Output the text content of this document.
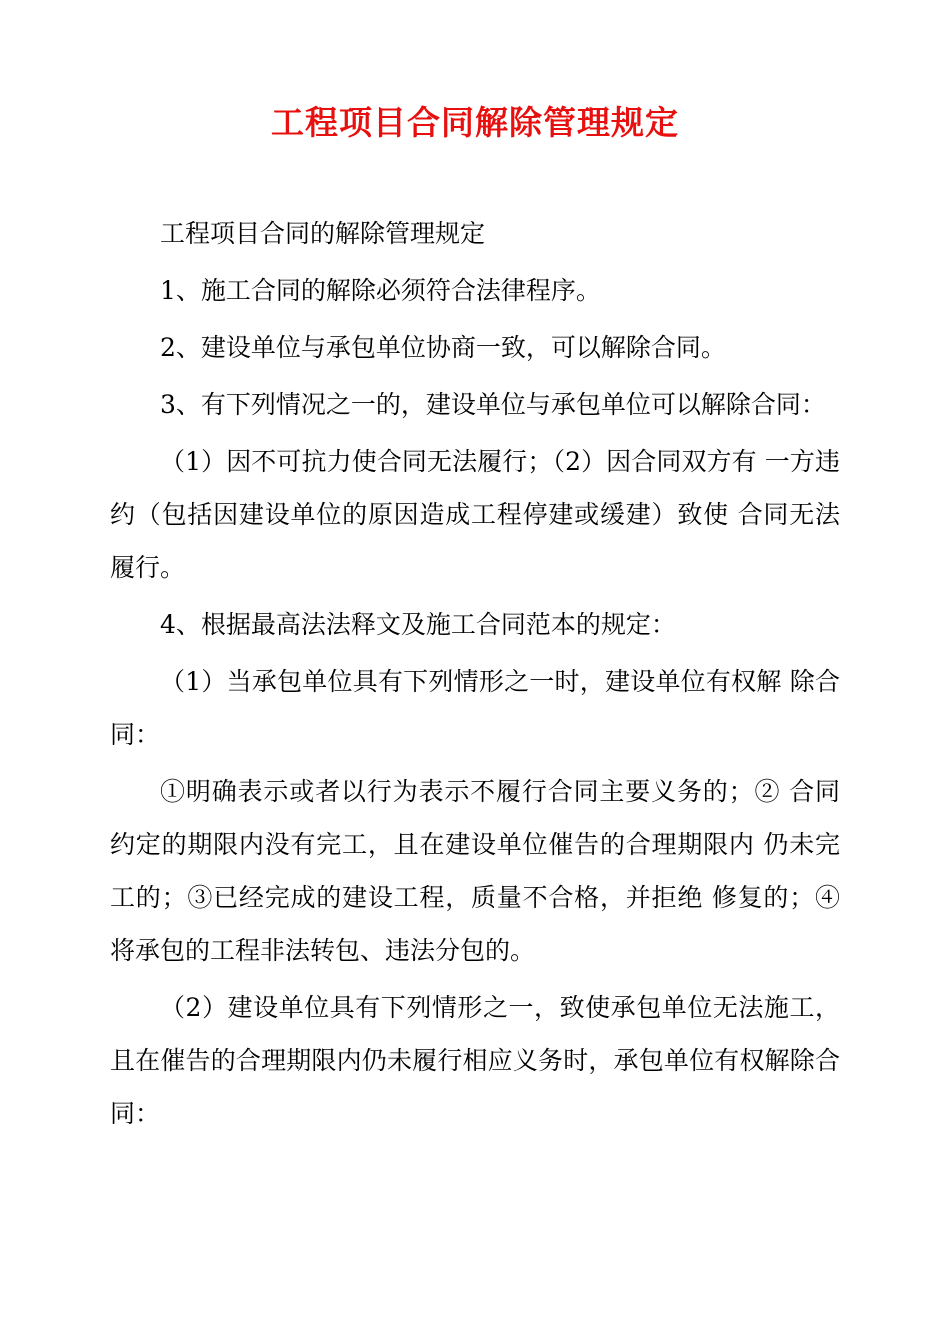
工程项目合同解除管理规定

工程项目合同的解除管理规定

1、施工合同的解除必须符合法律程序。

2、建设单位与承包单位协商一致，可以解除合同。

3、有下列情况之一的，建设单位与承包单位可以解除合同：

（1）因不可抗力使合同无法履行；（2）因合同双方有 一方违约（包括因建设单位的原因造成工程停建或缓建）致使 合同无法履行。

4、根据最高法法释文及施工合同范本的规定：

（1）当承包单位具有下列情形之一时，建设单位有权解 除合同：

①明确表示或者以行为表示不履行合同主要义务的；② 合同约定的期限内没有完工，且在建设单位催告的合理期限内 仍未完工的；③已经完成的建设工程，质量不合格，并拒绝 修复的；④将承包的工程非法转包、违法分包的。

（2）建设单位具有下列情形之一，致使承包单位无法施工，且在催告的合理期限内仍未履行相应义务时，承包单位有权解除合同：
